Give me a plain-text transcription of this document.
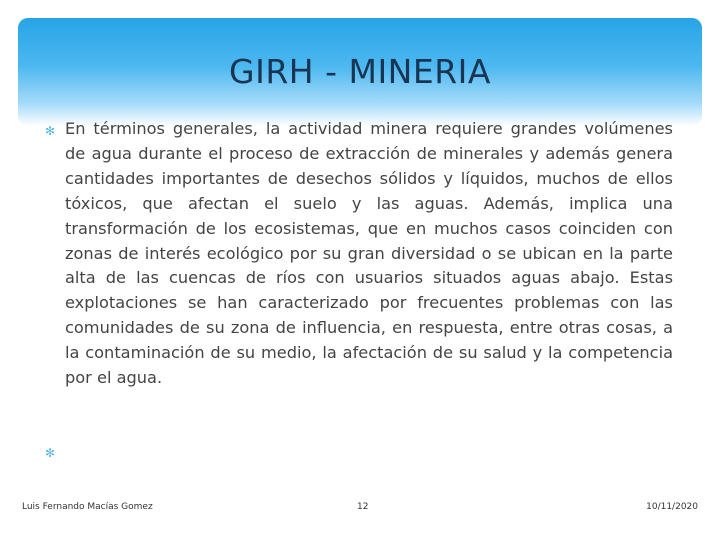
GIRH - MINERIA
✻ En términos generales, la actividad minera requiere grandes volúmenes de agua durante el proceso de extracción de minerales y además genera cantidades importantes de desechos sólidos y líquidos, muchos de ellos tóxicos, que afectan el suelo y las aguas. Además, implica una transformación de los ecosistemas, que en muchos casos coinciden con zonas de interés ecológico por su gran diversidad o se ubican en la parte alta de las cuencas de ríos con usuarios situados aguas abajo. Estas explotaciones se han caracterizado por frecuentes problemas con las comunidades de su zona de influencia, en respuesta, entre otras cosas, a la contaminación de su medio, la afectación de su salud y la competencia por el agua.

✻
Luis Fernando Macías Gomez	12	10/11/2020
